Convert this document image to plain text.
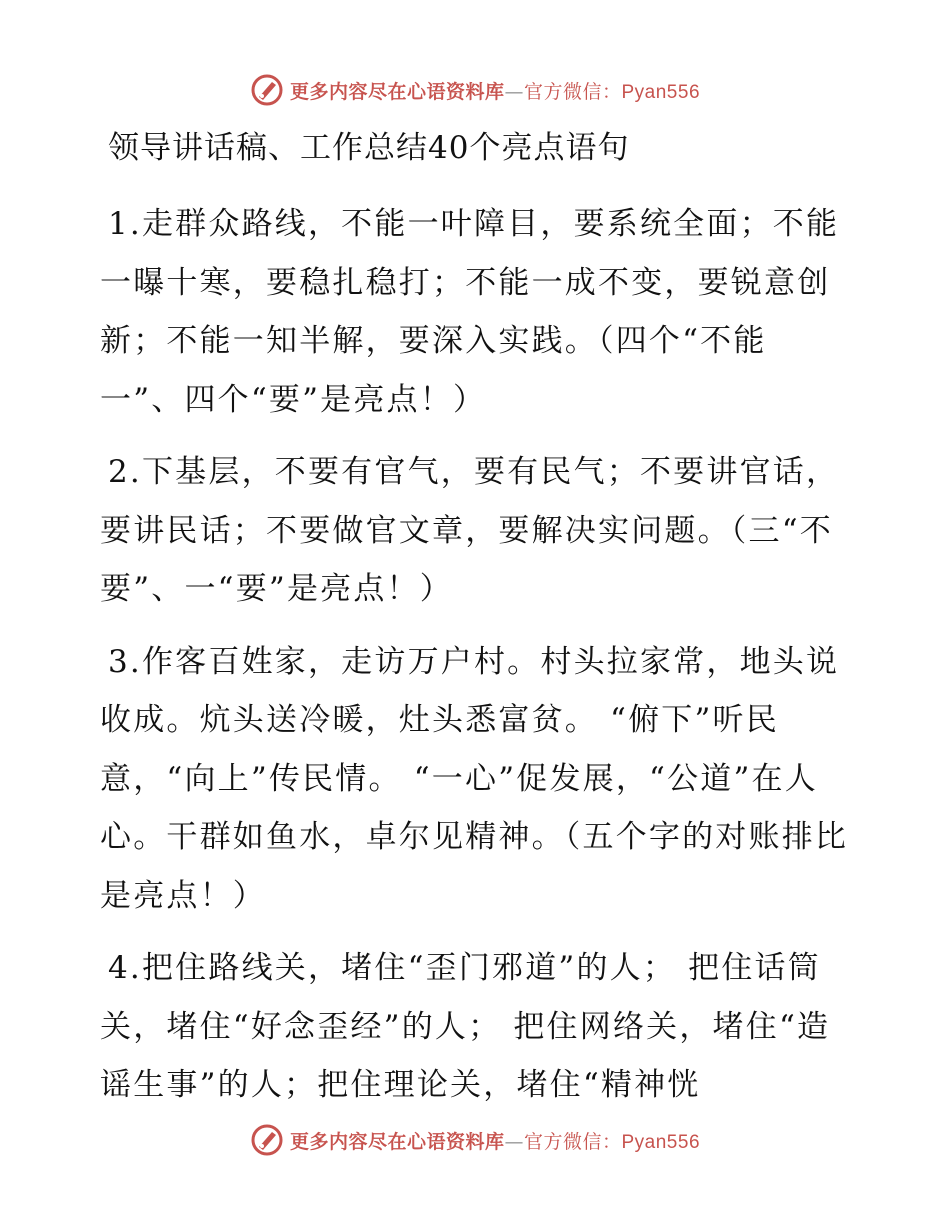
更多内容尽在心语资料库—官方微信：Pyan556
领导讲话稿、工作总结40个亮点语句

1.走群众路线，不能一叶障目，要系统全面；不能一曝十寒，要稳扎稳打；不能一成不变，要锐意创新；不能一知半解，要深入实践。（四个“不能一”、四个“要”是亮点！）

2.下基层，不要有官气，要有民气；不要讲官话，要讲民话；不要做官文章，要解决实问题。（三“不要”、一“要”是亮点！）

3.作客百姓家，走访万户村。村头拉家常，地头说收成。炕头送冷暖，灶头悉富贫。 “俯下”听民意，“向上”传民情。 “一心”促发展，“公道”在人心。干群如鱼水，卓尔见精神。（五个字的对账排比是亮点！）

4.把住路线关，堵住“歪门邪道”的人； 把住话筒关，堵住“好念歪经”的人； 把住网络关，堵住“造谣生事”的人；把住理论关，堵住“精神恍

更多内容尽在心语资料库—官方微信：Pyan556
